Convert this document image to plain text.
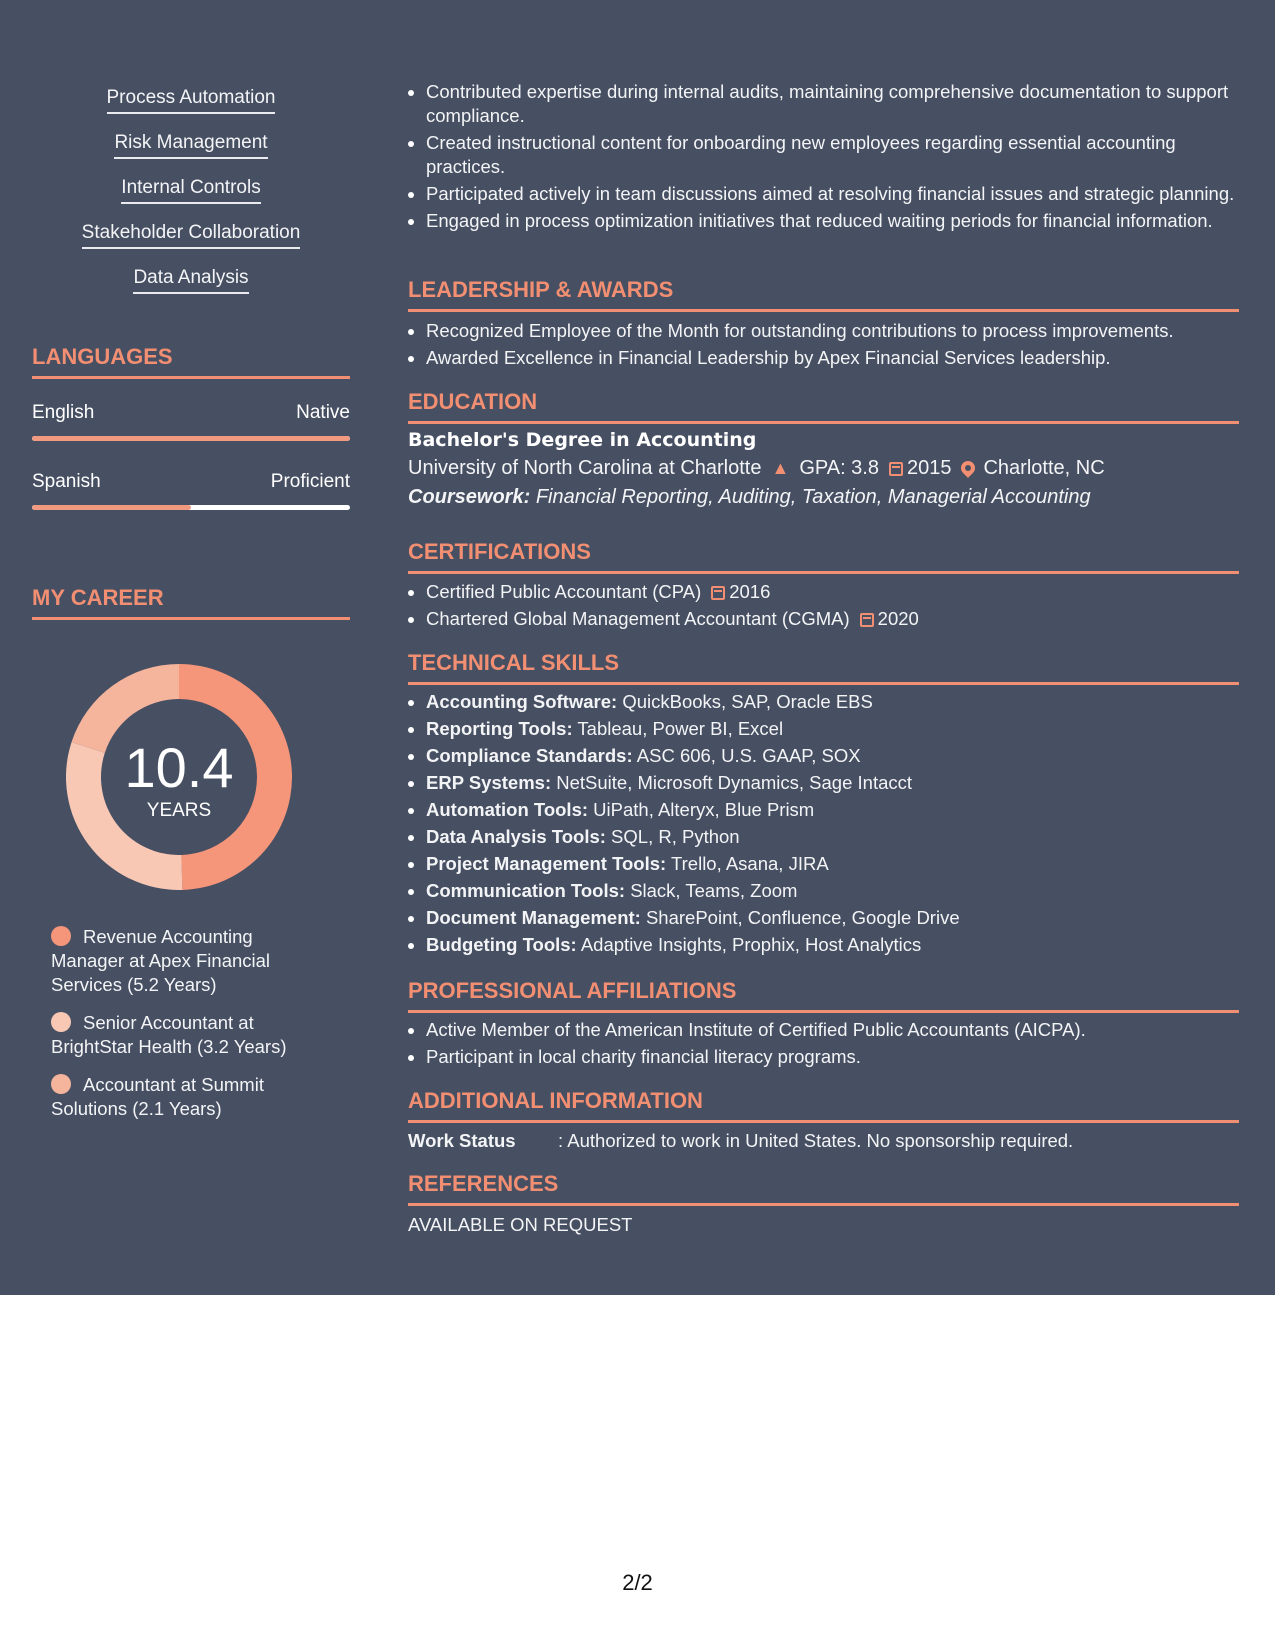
Process Automation
Risk Management
Internal Controls
Stakeholder Collaboration
Data Analysis
LANGUAGES
English	Native
Spanish	Proficient
MY CAREER
10.4
YEARS
Revenue Accounting Manager at Apex Financial Services (5.2 Years)
Senior Accountant at BrightStar Health (3.2 Years)
Accountant at Summit Solutions (2.1 Years)
• Contributed expertise during internal audits, maintaining comprehensive documentation to support compliance.
• Created instructional content for onboarding new employees regarding essential accounting practices.
• Participated actively in team discussions aimed at resolving financial issues and strategic planning.
• Engaged in process optimization initiatives that reduced waiting periods for financial information.
LEADERSHIP & AWARDS
• Recognized Employee of the Month for outstanding contributions to process improvements.
• Awarded Excellence in Financial Leadership by Apex Financial Services leadership.
EDUCATION
Bachelor's Degree in Accounting
University of North Carolina at Charlotte ▲ GPA: 3.8 2015 Charlotte, NC
Coursework: Financial Reporting, Auditing, Taxation, Managerial Accounting
CERTIFICATIONS
• Certified Public Accountant (CPA) 2016
• Chartered Global Management Accountant (CGMA) 2020
TECHNICAL SKILLS
• Accounting Software: QuickBooks, SAP, Oracle EBS
• Reporting Tools: Tableau, Power BI, Excel
• Compliance Standards: ASC 606, U.S. GAAP, SOX
• ERP Systems: NetSuite, Microsoft Dynamics, Sage Intacct
• Automation Tools: UiPath, Alteryx, Blue Prism
• Data Analysis Tools: SQL, R, Python
• Project Management Tools: Trello, Asana, JIRA
• Communication Tools: Slack, Teams, Zoom
• Document Management: SharePoint, Confluence, Google Drive
• Budgeting Tools: Adaptive Insights, Prophix, Host Analytics
PROFESSIONAL AFFILIATIONS
• Active Member of the American Institute of Certified Public Accountants (AICPA).
• Participant in local charity financial literacy programs.
ADDITIONAL INFORMATION
Work Status : Authorized to work in United States. No sponsorship required.
REFERENCES
AVAILABLE ON REQUEST
2/2
